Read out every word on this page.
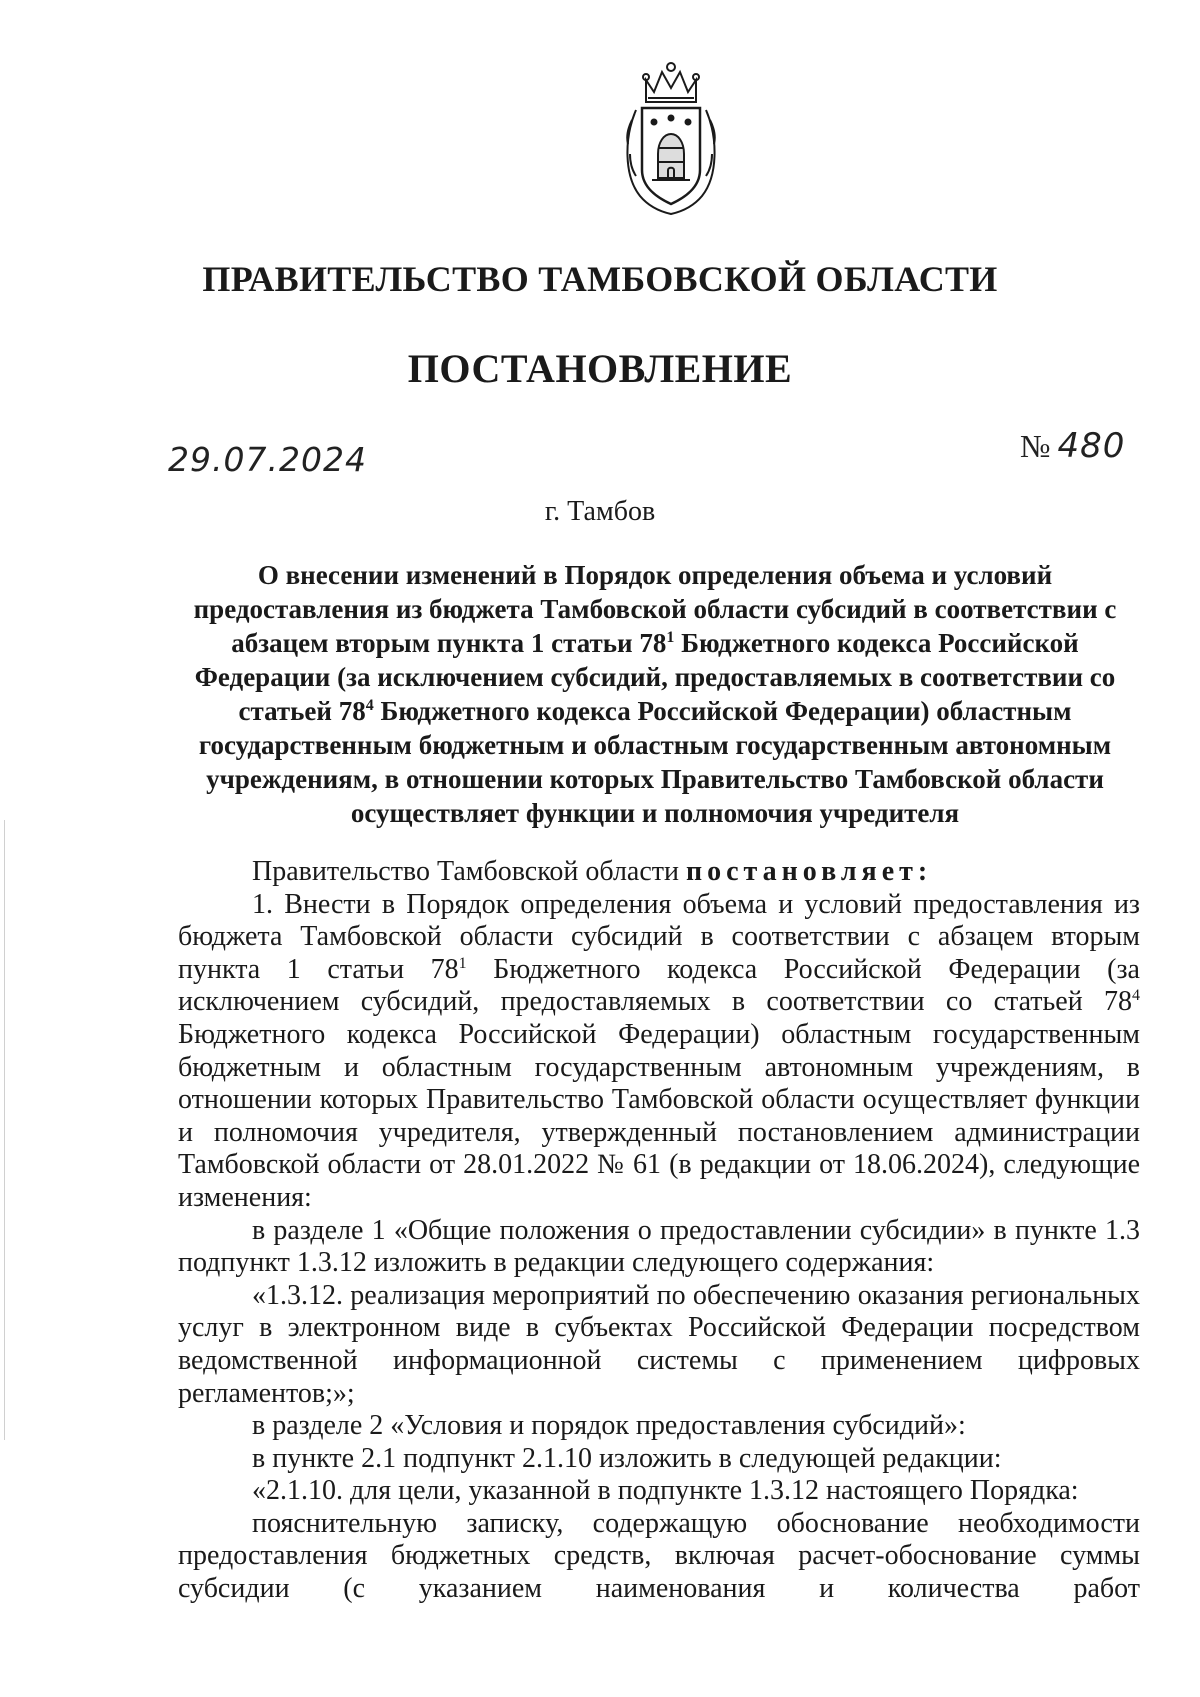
ПРАВИТЕЛЬСТВО ТАМБОВСКОЙ ОБЛАСТИ
ПОСТАНОВЛЕНИЕ
29.07.2024	№ 480
г. Тамбов
О внесении изменений в Порядок определения объема и условий предоставления из бюджета Тамбовской области субсидий в соответствии с абзацем вторым пункта 1 статьи $78^1$ Бюджетного кодекса Российской Федерации (за исключением субсидий, предоставляемых в соответствии со статьей $78^4$ Бюджетного кодекса Российской Федерации) областным государственным бюджетным и областным государственным автономным учреждениям, в отношении которых Правительство Тамбовской области осуществляет функции и полномочия учредителя

Правительство Тамбовской области постановляет:

1. Внести в Порядок определения объема и условий предоставления из бюджета Тамбовской области субсидий в соответствии с абзацем вторым пункта 1 статьи $78^1$ Бюджетного кодекса Российской Федерации (за исключением субсидий, предоставляемых в соответствии со статьей $78^4$ Бюджетного кодекса Российской Федерации) областным государственным бюджетным и областным государственным автономным учреждениям, в отношении которых Правительство Тамбовской области осуществляет функции и полномочия учредителя, утвержденный постановлением администрации Тамбовской области от 28.01.2022 № 61 (в редакции от 18.06.2024), следующие изменения:

в разделе 1 «Общие положения о предоставлении субсидии» в пункте 1.3 подпункт 1.3.12 изложить в редакции следующего содержания:

«1.3.12. реализация мероприятий по обеспечению оказания региональных услуг в электронном виде в субъектах Российской Федерации посредством ведомственной информационной системы с применением цифровых регламентов;»;

в разделе 2 «Условия и порядок предоставления субсидий»:

в пункте 2.1 подпункт 2.1.10 изложить в следующей редакции:

«2.1.10. для цели, указанной в подпункте 1.3.12 настоящего Порядка:

пояснительную записку, содержащую обоснование необходимости предоставления бюджетных средств, включая расчет-обоснование суммы субсидии (с указанием наименования и количества работ
